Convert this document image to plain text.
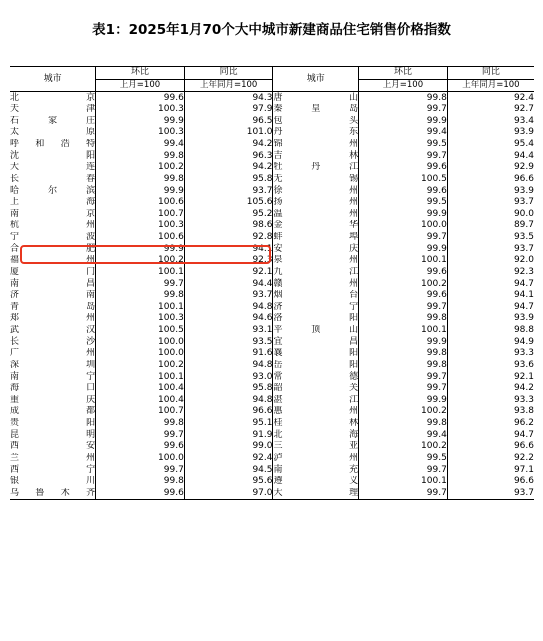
表1：2025年1月70个大中城市新建商品住宅销售价格指数
城市	环比	同比	城市	环比	同比
	上月=100	上年同月=100		上月=100	上年同月=100
北京	99.6	94.3	唐山	99.8	92.4
天津	100.3	97.9	秦皇岛	99.7	92.7
石家庄	99.9	96.5	包头	99.9	93.4
太原	100.3	101.0	丹东	99.4	93.9
呼和浩特	99.4	94.2	锦州	99.5	95.4
沈阳	99.8	96.3	吉林	99.7	94.4
大连	100.2	94.2	牡丹江	99.6	92.9
长春	99.8	95.8	无锡	100.5	96.6
哈尔滨	99.9	93.7	徐州	99.6	93.9
上海	100.6	105.6	扬州	99.5	93.7
南京	100.7	95.2	温州	99.9	90.0
杭州	100.3	98.6	金华	100.0	89.7
宁波	100.6	92.8	蚌埠	99.7	93.5
合肥	99.9	94.1	安庆	99.9	93.7
福州	100.2	92.3	泉州	100.1	92.0
厦门	100.1	92.1	九江	99.6	92.3
南昌	99.7	94.4	赣州	100.2	94.7
济南	99.8	93.7	烟台	99.6	94.1
青岛	100.1	94.8	济宁	99.7	94.7
郑州	100.3	94.6	洛阳	99.8	93.9
武汉	100.5	93.1	平顶山	100.1	98.8
长沙	100.0	93.5	宜昌	99.9	94.9
广州	100.0	91.6	襄阳	99.8	93.3
深圳	100.2	94.8	岳阳	99.8	93.6
南宁	100.1	93.0	常德	99.7	92.1
海口	100.4	95.8	韶关	99.7	94.2
重庆	100.4	94.8	湛江	99.9	93.3
成都	100.7	96.6	惠州	100.2	93.8
贵阳	99.8	95.1	桂林	99.8	96.2
昆明	99.7	91.9	北海	99.4	94.7
西安	99.6	99.0	三亚	100.2	96.6
兰州	100.0	92.4	泸州	99.5	92.2
西宁	99.7	94.5	南充	99.7	97.1
银川	99.8	95.6	遵义	100.1	96.6
乌鲁木齐	99.6	97.0	大理	99.7	93.7
